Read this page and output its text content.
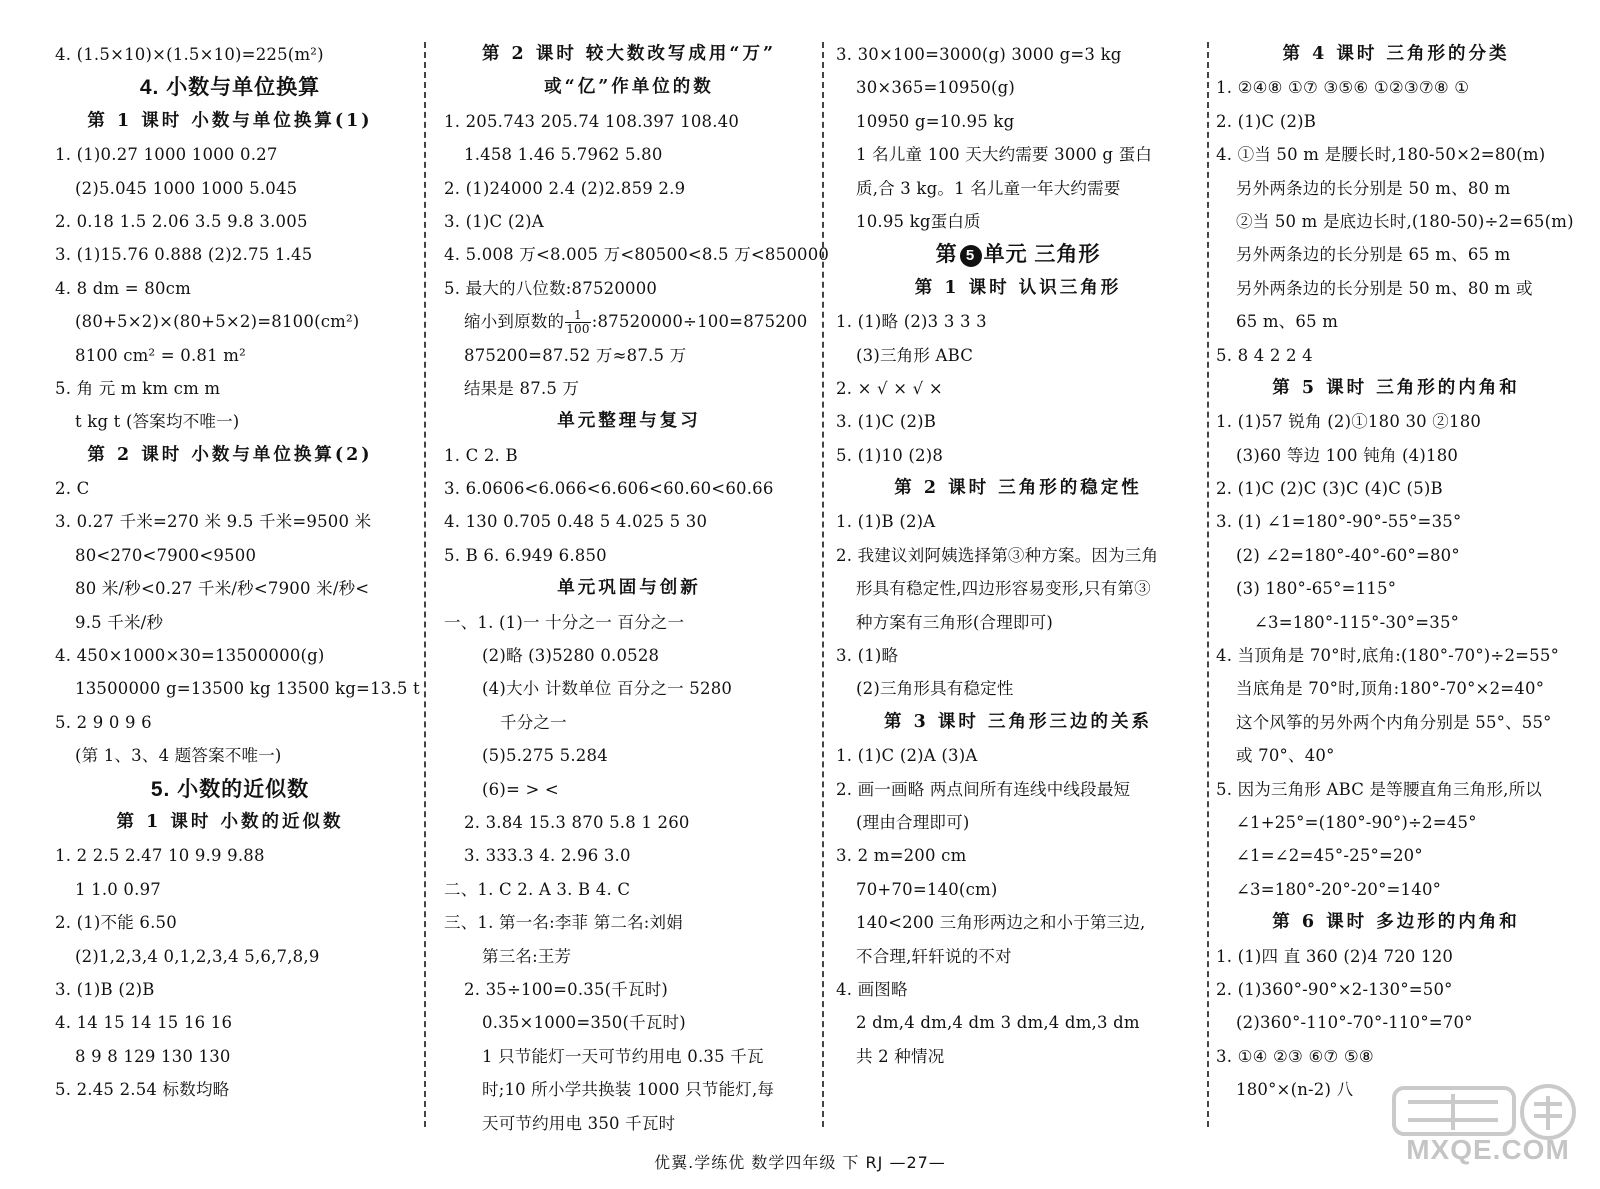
4. (1.5×10)×(1.5×10)=225(m²)
4. 小数与单位换算
第 1 课时 小数与单位换算(1)
1. (1)0.27 1000 1000 0.27
(2)5.045 1000 1000 5.045
2. 0.18 1.5 2.06 3.5 9.8 3.005
3. (1)15.76 0.888 (2)2.75 1.45
4. 8 dm = 80cm
(80+5×2)×(80+5×2)=8100(cm²)
8100 cm² = 0.81 m²
5. 角 元 m km cm m
t kg t (答案均不唯一)
第 2 课时 小数与单位换算(2)
2. C
3. 0.27 千米=270 米 9.5 千米=9500 米
80<270<7900<9500
80 米/秒<0.27 千米/秒<7900 米/秒<
9.5 千米/秒
4. 450×1000×30=13500000(g)
13500000 g=13500 kg 13500 kg=13.5 t
5. 2 9 0 9 6
(第 1、3、4 题答案不唯一)
5. 小数的近似数
第 1 课时 小数的近似数
1. 2 2.5 2.47 10 9.9 9.88
1 1.0 0.97
2. (1)不能 6.50
(2)1,2,3,4 0,1,2,3,4 5,6,7,8,9
3. (1)B (2)B
4. 14 15 14 15 16 16
8 9 8 129 130 130
5. 2.45 2.54 标数均略
第 2 课时 较大数改写成用“万”
或“亿”作单位的数
1. 205.743 205.74 108.397 108.40
1.458 1.46 5.7962 5.80
2. (1)24000 2.4 (2)2.859 2.9
3. (1)C (2)A
4. 5.008 万<8.005 万<80500<8.5 万<850000
5. 最大的八位数:87520000
缩小到原数的 $\frac{1}{100}$ :87520000÷100=875200
875200=87.52 万≈87.5 万
结果是 87.5 万
单元整理与复习
1. C 2. B
3. 6.0606<6.066<6.606<60.60<60.66
4. 130 0.705 0.48 5 4.025 5 30
5. B 6. 6.949 6.850
单元巩固与创新
一、1. (1)一 十分之一 百分之一
(2)略 (3)5280 0.0528
(4)大小 计数单位 百分之一 5280
千分之一
(5)5.275 5.284
(6)= > <
2. 3.84 15.3 870 5.8 1 260
3. 333.3 4. 2.96 3.0
二、1. C 2. A 3. B 4. C
三、1. 第一名:李菲 第二名:刘娟
第三名:王芳
2. 35÷100=0.35(千瓦时)
0.35×1000=350(千瓦时)
1 只节能灯一天可节约用电 0.35 千瓦
时;10 所小学共换装 1000 只节能灯,每
天可节约用电 350 千瓦时
3. 30×100=3000(g) 3000 g=3 kg
30×365=10950(g)
10950 g=10.95 kg
1 名儿童 100 天大约需要 3000 g 蛋白
质,合 3 kg。1 名儿童一年大约需要
10.95 kg蛋白质
第 5 单元 三角形
第 1 课时 认识三角形
1. (1)略 (2)3 3 3 3
(3)三角形 ABC
2. × √ × √ ×
3. (1)C (2)B
5. (1)10 (2)8
第 2 课时 三角形的稳定性
1. (1)B (2)A
2. 我建议刘阿姨选择第③种方案。因为三角
形具有稳定性,四边形容易变形,只有第③
种方案有三角形(合理即可)
3. (1)略
(2)三角形具有稳定性
第 3 课时 三角形三边的关系
1. (1)C (2)A (3)A
2. 画一画略 两点间所有连线中线段最短
(理由合理即可)
3. 2 m=200 cm
70+70=140(cm)
140<200 三角形两边之和小于第三边,
不合理,轩轩说的不对
4. 画图略
2 dm,4 dm,4 dm 3 dm,4 dm,3 dm
共 2 种情况
第 4 课时 三角形的分类
1. ②④⑧ ①⑦ ③⑤⑥ ①②③⑦⑧ ①
2. (1)C (2)B
4. ①当 50 m 是腰长时,180-50×2=80(m)
另外两条边的长分别是 50 m、80 m
②当 50 m 是底边长时,(180-50)÷2=65(m)
另外两条边的长分别是 65 m、65 m
另外两条边的长分别是 50 m、80 m 或
65 m、65 m
5. 8 4 2 2 4
第 5 课时 三角形的内角和
1. (1)57 锐角 (2)①180 30 ②180
(3)60 等边 100 钝角 (4)180
2. (1)C (2)C (3)C (4)C (5)B
3. (1) ∠1=180°-90°-55°=35°
(2) ∠2=180°-40°-60°=80°
(3) 180°-65°=115°
∠3=180°-115°-30°=35°
4. 当顶角是 70°时,底角:(180°-70°)÷2=55°
当底角是 70°时,顶角:180°-70°×2=40°
这个风筝的另外两个内角分别是 55°、55°
或 70°、40°
5. 因为三角形 ABC 是等腰直角三角形,所以
∠1+25°=(180°-90°)÷2=45°
∠1=∠2=45°-25°=20°
∠3=180°-20°-20°=140°
第 6 课时 多边形的内角和
1. (1)四 直 360 (2)4 720 120
2. (1)360°-90°×2-130°=50°
(2)360°-110°-70°-110°=70°
3. ①④ ②③ ⑥⑦ ⑤⑧
180°×(n-2) 八
优翼.学练优 数学四年级 下 RJ —27—	MXQE.COM
